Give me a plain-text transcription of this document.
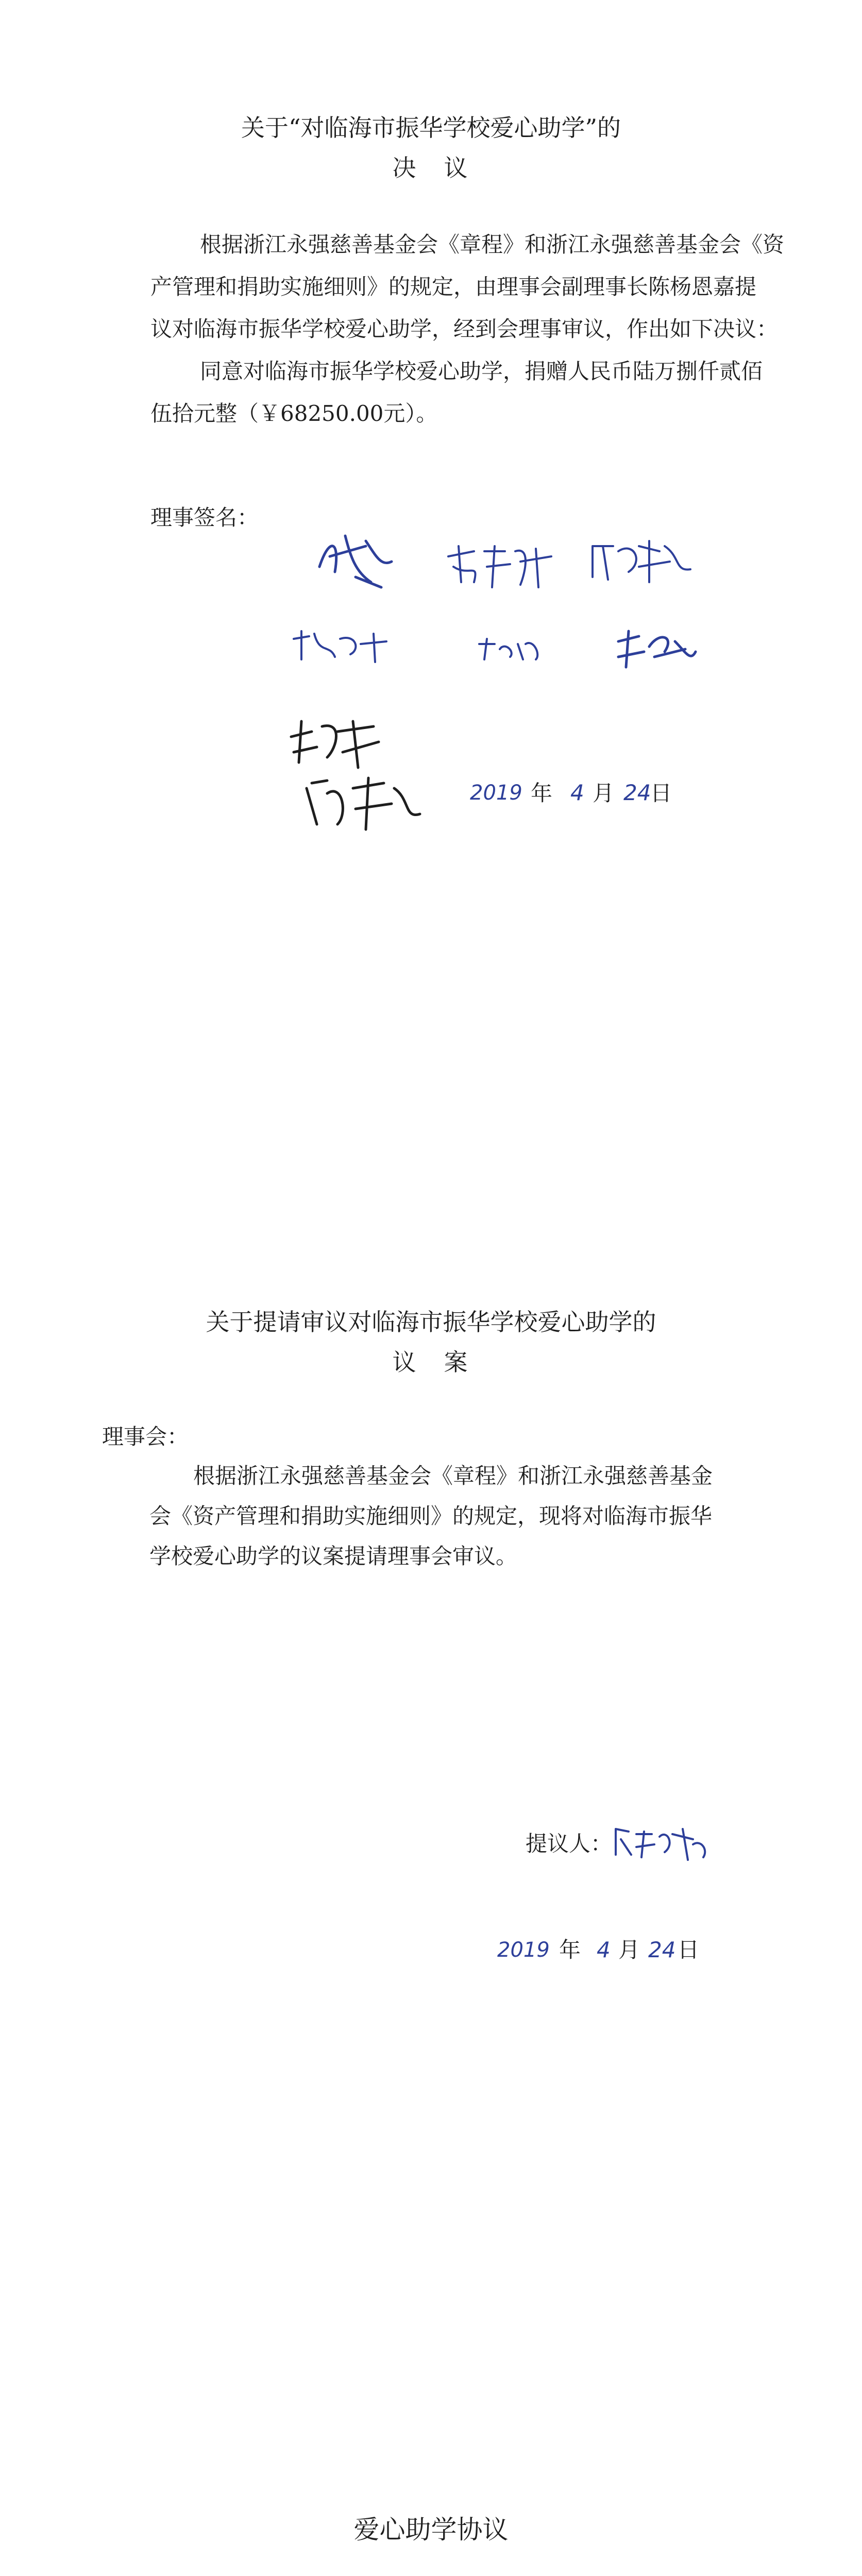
关于“对临海市振华学校爱心助学”的
决　议
根据浙江永强慈善基金会《章程》和浙江永强慈善基金会《资
产管理和捐助实施细则》的规定，由理事会副理事长陈杨恩嘉提
议对临海市振华学校爱心助学，经到会理事审议，作出如下决议：
同意对临海市振华学校爱心助学，捐赠人民币陆万捌仟贰佰
伍拾元整（￥68250.00元）。
理事签名：
2019 年 4 月 24
日
关于提请审议对临海市振华学校爱心助学的
议　案
理事会：
根据浙江永强慈善基金会《章程》和浙江永强慈善基金
会《资产管理和捐助实施细则》的规定，现将对临海市振华
学校爱心助学的议案提请理事会审议。
提议人：
2019 年 4 月 24 日
爱心助学协议
